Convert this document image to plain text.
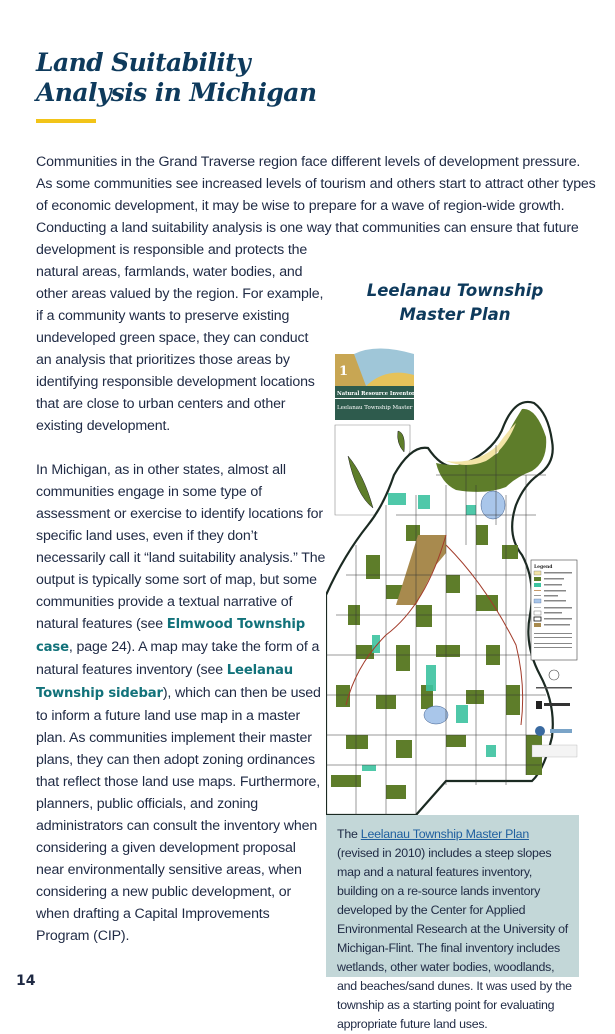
Land Suitability Analysis in Michigan

Communities in the Grand Traverse region face different levels of development pressure. As some communities see increased levels of tourism and others start to attract other types of economic development, it may be wise to prepare for a wave of region-wide growth. Conducting a land suitability analysis is one way that communities can ensure that future development is responsible and protects the

natural areas, farmlands, water bodies, and other areas valued by the region. For example, if a community wants to preserve existing undeveloped green space, they can conduct an analysis that prioritizes those areas by identifying responsible development locations that are close to urban centers and other existing development.

In Michigan, as in other states, almost all communities engage in some type of assessment or exercise to identify locations for specific land uses, even if they don’t necessarily call it “land suitability analysis.” The output is typically some sort of map, but some communities provide a textual narrative of natural features (see Elmwood Township case, page 24). A map may take the form of a natural features inventory (see Leelanau Township sidebar), which can then be used to inform a future land use map in a master plan. As communities implement their master plans, they can then adopt zoning ordinances that reflect those land use maps. Furthermore, planners, public officials, and zoning administrators can consult the inventory when considering a given development proposal near environmentally sensitive areas, when considering a new public development, or when drafting a Capital Improvements Program (CIP).

Leelanau Township Master Plan
1
Natural Resource Inventory
Leelanau Township Master Plan Update
Legend

The Leelanau Township Master Plan (revised in 2010) includes a steep slopes map and a natural features inventory, building on a re-source lands inventory developed by the Center for Applied Environmental Research at the University of Michigan-Flint. The final inventory includes wetlands, other water bodies, woodlands, and beaches/sand dunes. It was used by the township as a starting point for evaluating appropriate future land uses.

14
